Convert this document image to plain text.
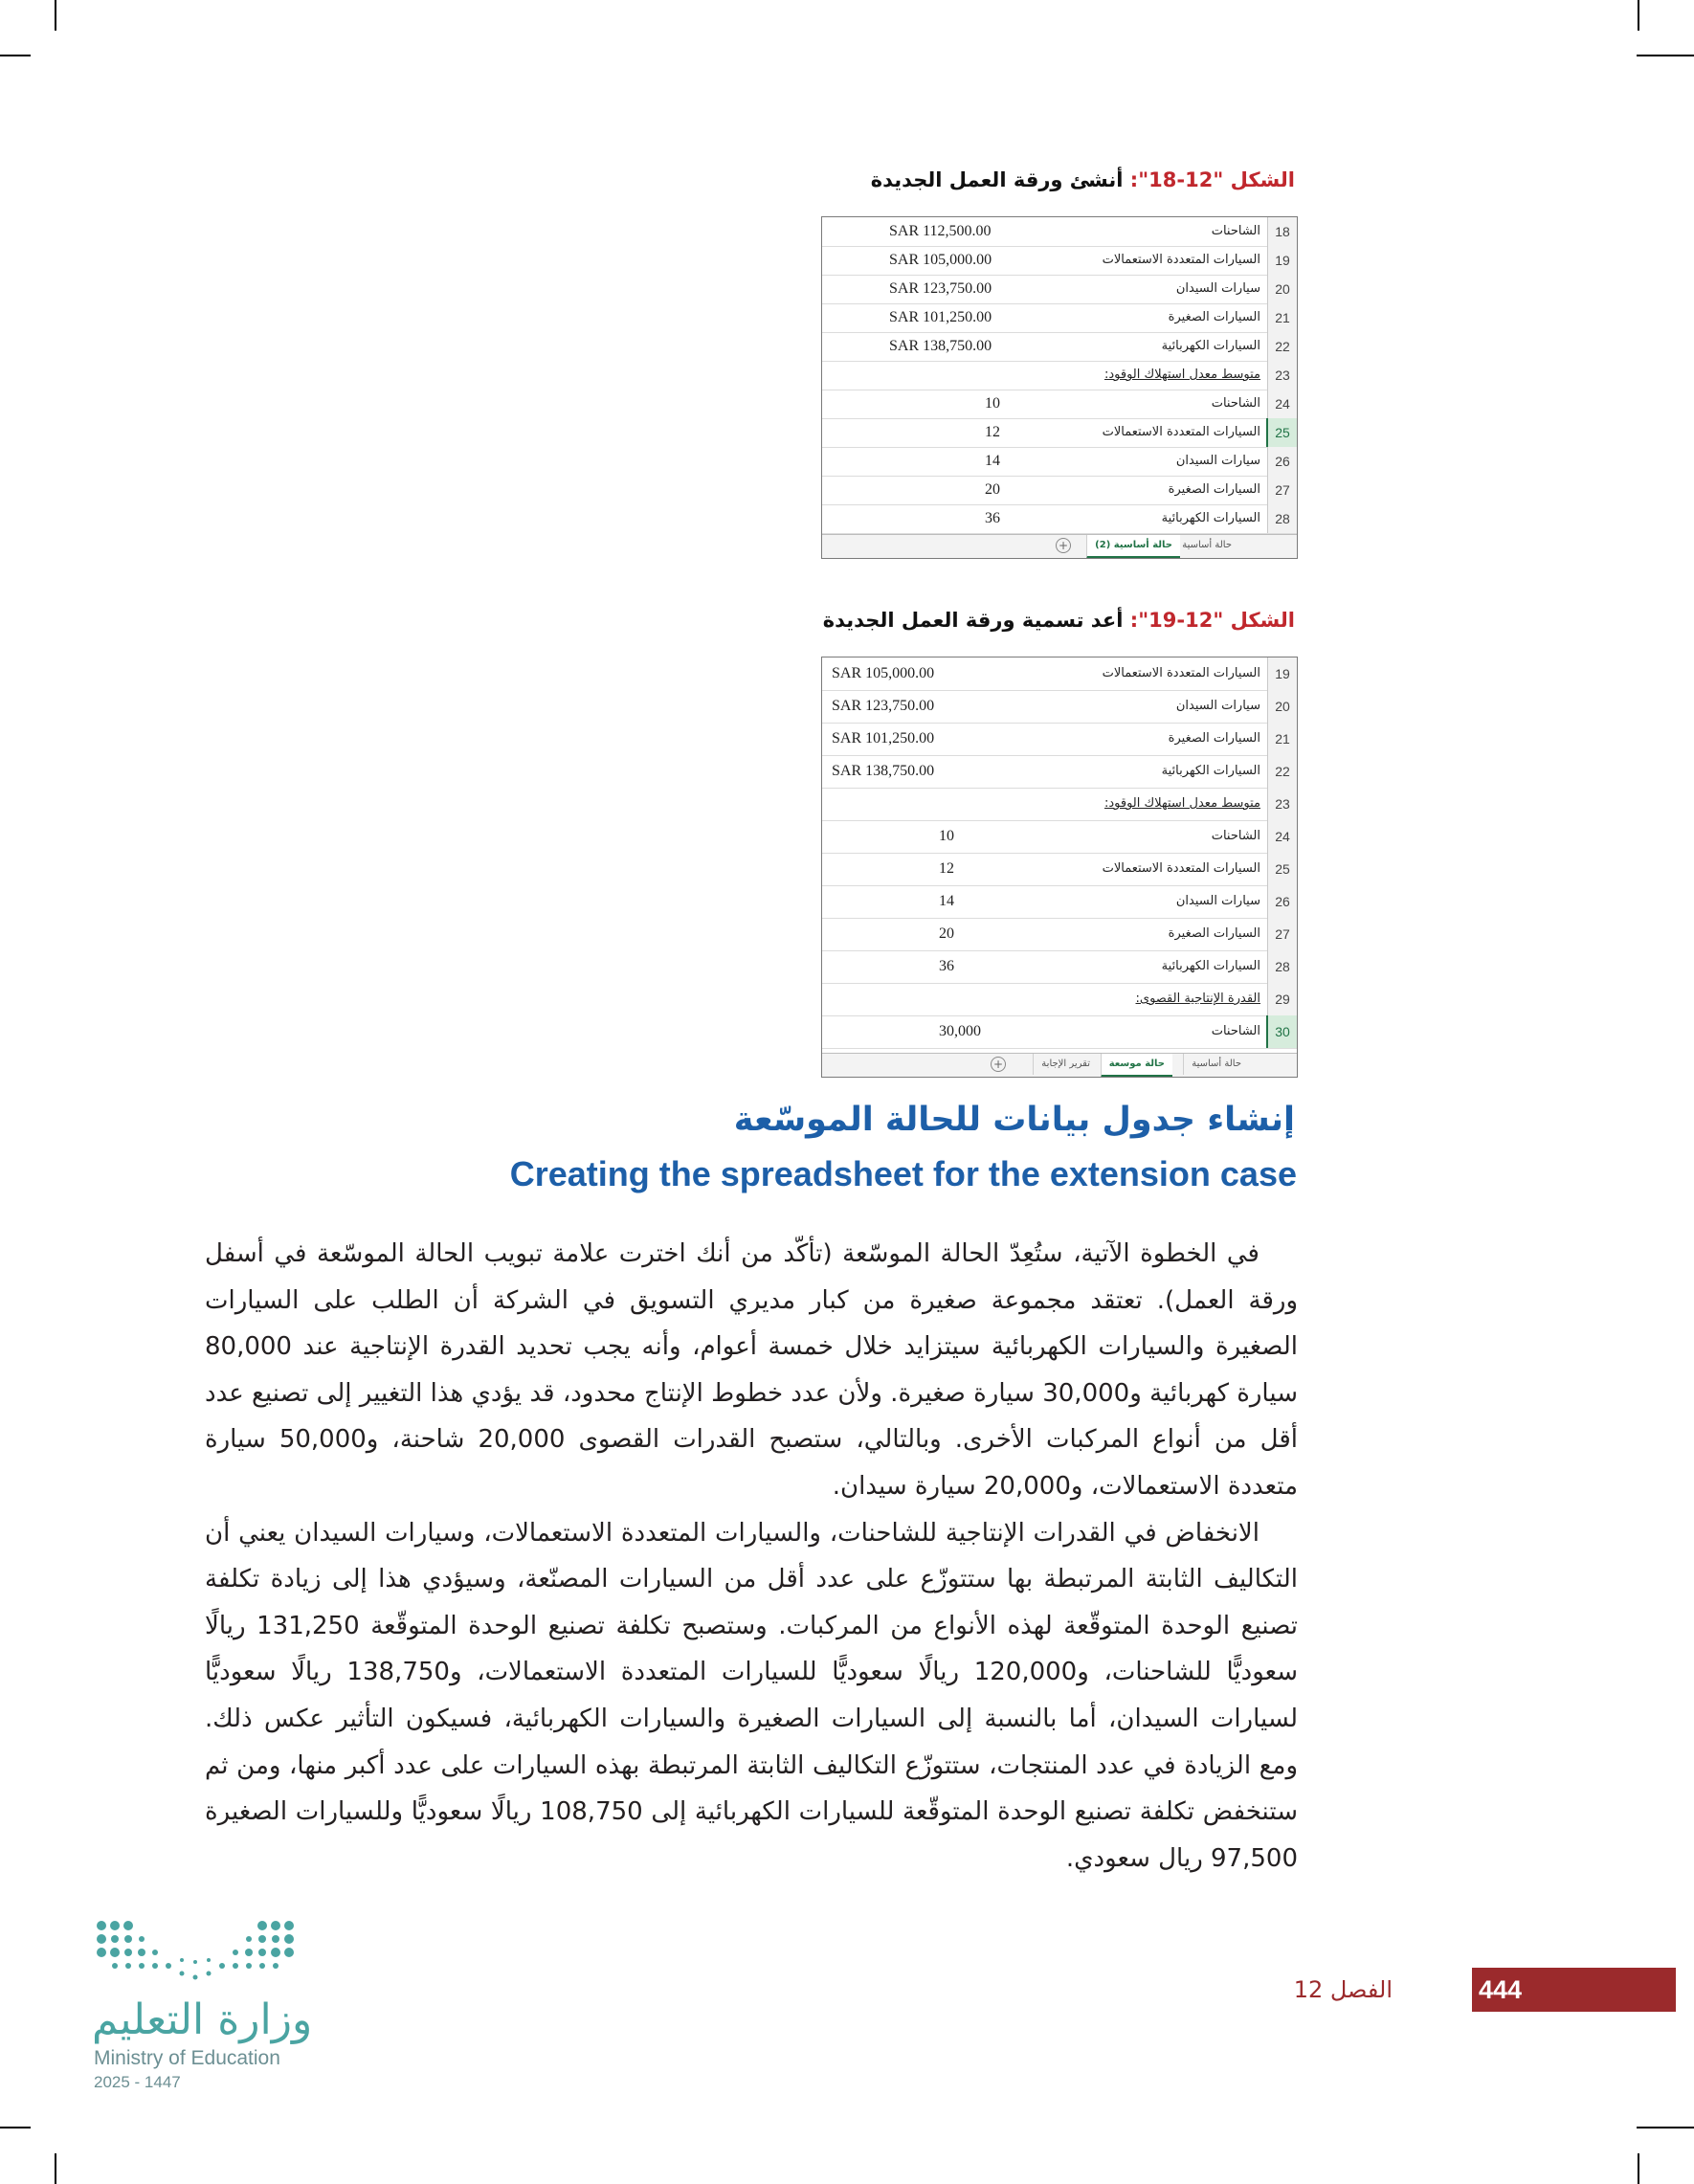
الشكل "12-18": أنشئ ورقة العمل الجديدة
SAR 112,500.00	الشاحنات	18
SAR 105,000.00	السيارات المتعددة الاستعمالات	19
SAR 123,750.00	سيارات السيدان	20
SAR 101,250.00	السيارات الصغيرة	21
SAR 138,750.00	السيارات الكهربائية	22
متوسط معدل استهلاك الوقود:	23
10	الشاحنات	24
12	السيارات المتعددة الاستعمالات	25
14	سيارات السيدان	26
20	السيارات الصغيرة	27
36	السيارات الكهربائية	28
حالة أساسية
حالة أساسية (2)
+
الشكل "12-19": أعد تسمية ورقة العمل الجديدة
SAR 105,000.00	السيارات المتعددة الاستعمالات	19
SAR 123,750.00	سيارات السيدان	20
SAR 101,250.00	السيارات الصغيرة	21
SAR 138,750.00	السيارات الكهربائية	22
متوسط معدل استهلاك الوقود:	23
10	الشاحنات	24
12	السيارات المتعددة الاستعمالات	25
14	سيارات السيدان	26
20	السيارات الصغيرة	27
36	السيارات الكهربائية	28
القدرة الإنتاجية القصوى:	29
30,000	الشاحنات	30
حالة أساسية
حالة موسعة
تقرير الإجابة
+
إنشاء جدول بيانات للحالة الموسّعة
Creating the spreadsheet for the extension case

في الخطوة الآتية، ستُعِدّ الحالة الموسّعة (تأكّد من أنك اخترت علامة تبويب الحالة الموسّعة في أسفل ورقة العمل). تعتقد مجموعة صغيرة من كبار مديري التسويق في الشركة أن الطلب على السيارات الصغيرة والسيارات الكهربائية سيتزايد خلال خمسة أعوام، وأنه يجب تحديد القدرة الإنتاجية عند 80,000 سيارة كهربائية و30,000 سيارة صغيرة. ولأن عدد خطوط الإنتاج محدود، قد يؤدي هذا التغيير إلى تصنيع عدد أقل من أنواع المركبات الأخرى. وبالتالي، ستصبح القدرات القصوى 20,000 شاحنة، و50,000 سيارة متعددة الاستعمالات، و20,000 سيارة سيدان.

الانخفاض في القدرات الإنتاجية للشاحنات، والسيارات المتعددة الاستعمالات، وسيارات السيدان يعني أن التكاليف الثابتة المرتبطة بها ستتوزّع على عدد أقل من السيارات المصنّعة، وسيؤدي هذا إلى زيادة تكلفة تصنيع الوحدة المتوقّعة لهذه الأنواع من المركبات. وستصبح تكلفة تصنيع الوحدة المتوقّعة 131,250 ريالًا سعوديًّا للشاحنات، و120,000 ريالًا سعوديًّا للسيارات المتعددة الاستعمالات، و138,750 ريالًا سعوديًّا لسيارات السيدان، أما بالنسبة إلى السيارات الصغيرة والسيارات الكهربائية، فسيكون التأثير عكس ذلك. ومع الزيادة في عدد المنتجات، ستتوزّع التكاليف الثابتة المرتبطة بهذه السيارات على عدد أكبر منها، ومن ثم ستنخفض تكلفة تصنيع الوحدة المتوقّعة للسيارات الكهربائية إلى 108,750 ريالًا سعوديًّا وللسيارات الصغيرة 97,500 ريال سعودي.

444
الفصل 12
وزارة التعليم
Ministry of Education
2025 - 1447
